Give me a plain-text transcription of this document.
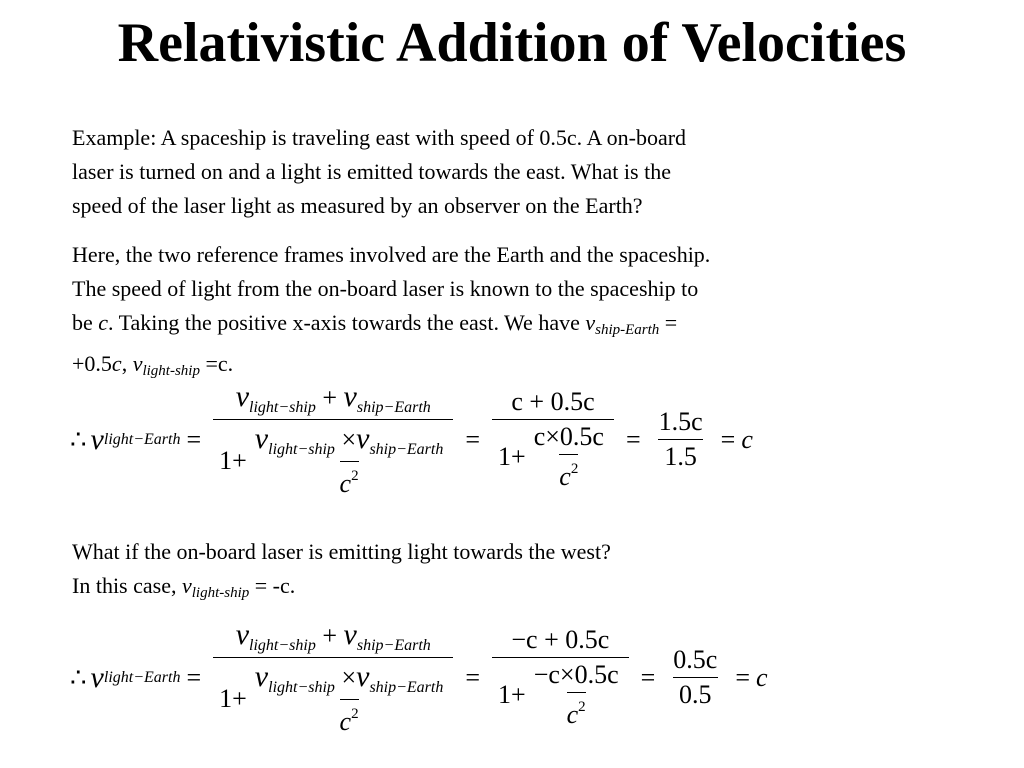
Relativistic Addition of Velocities
Example: A spaceship is traveling east with speed of 0.5c. A on-board
laser is turned on and a light is emitted towards the east. What is the
speed of the laser light as measured by an observer on the Earth?
Here, the two reference frames involved are the Earth and the spaceship.
The speed of light from the on-board laser is known to the spaceship to
be c. Taking the positive x-axis towards the east. We have $v_{ship-Earth}$ =
+0.5c, $v_{light-ship} =c$.
∴ v light−Earth = $v_{light-ship} + v_{ship-Earth}$
1+
$v_{light-ship} \times v_{ship-Earth}$
$c^2 = \frac{c + 0.5c}{1+ \frac{c\times 0.5c}{c^2}} = \frac{1.5c}{1.5} = c$
What if the on-board laser is emitting light towards the west?
In this case, $v_{light-ship} = -c$.
∴ v light−Earth = $v_{light-ship} + v_{ship-Earth}$
1+
$v_{light-ship} \times v_{ship-Earth}$
$c^2 = \frac{-c + 0.5c}{1+ \frac{-c\times 0.5c}{c^2}} = \frac{0.5c}{0.5} = c$
